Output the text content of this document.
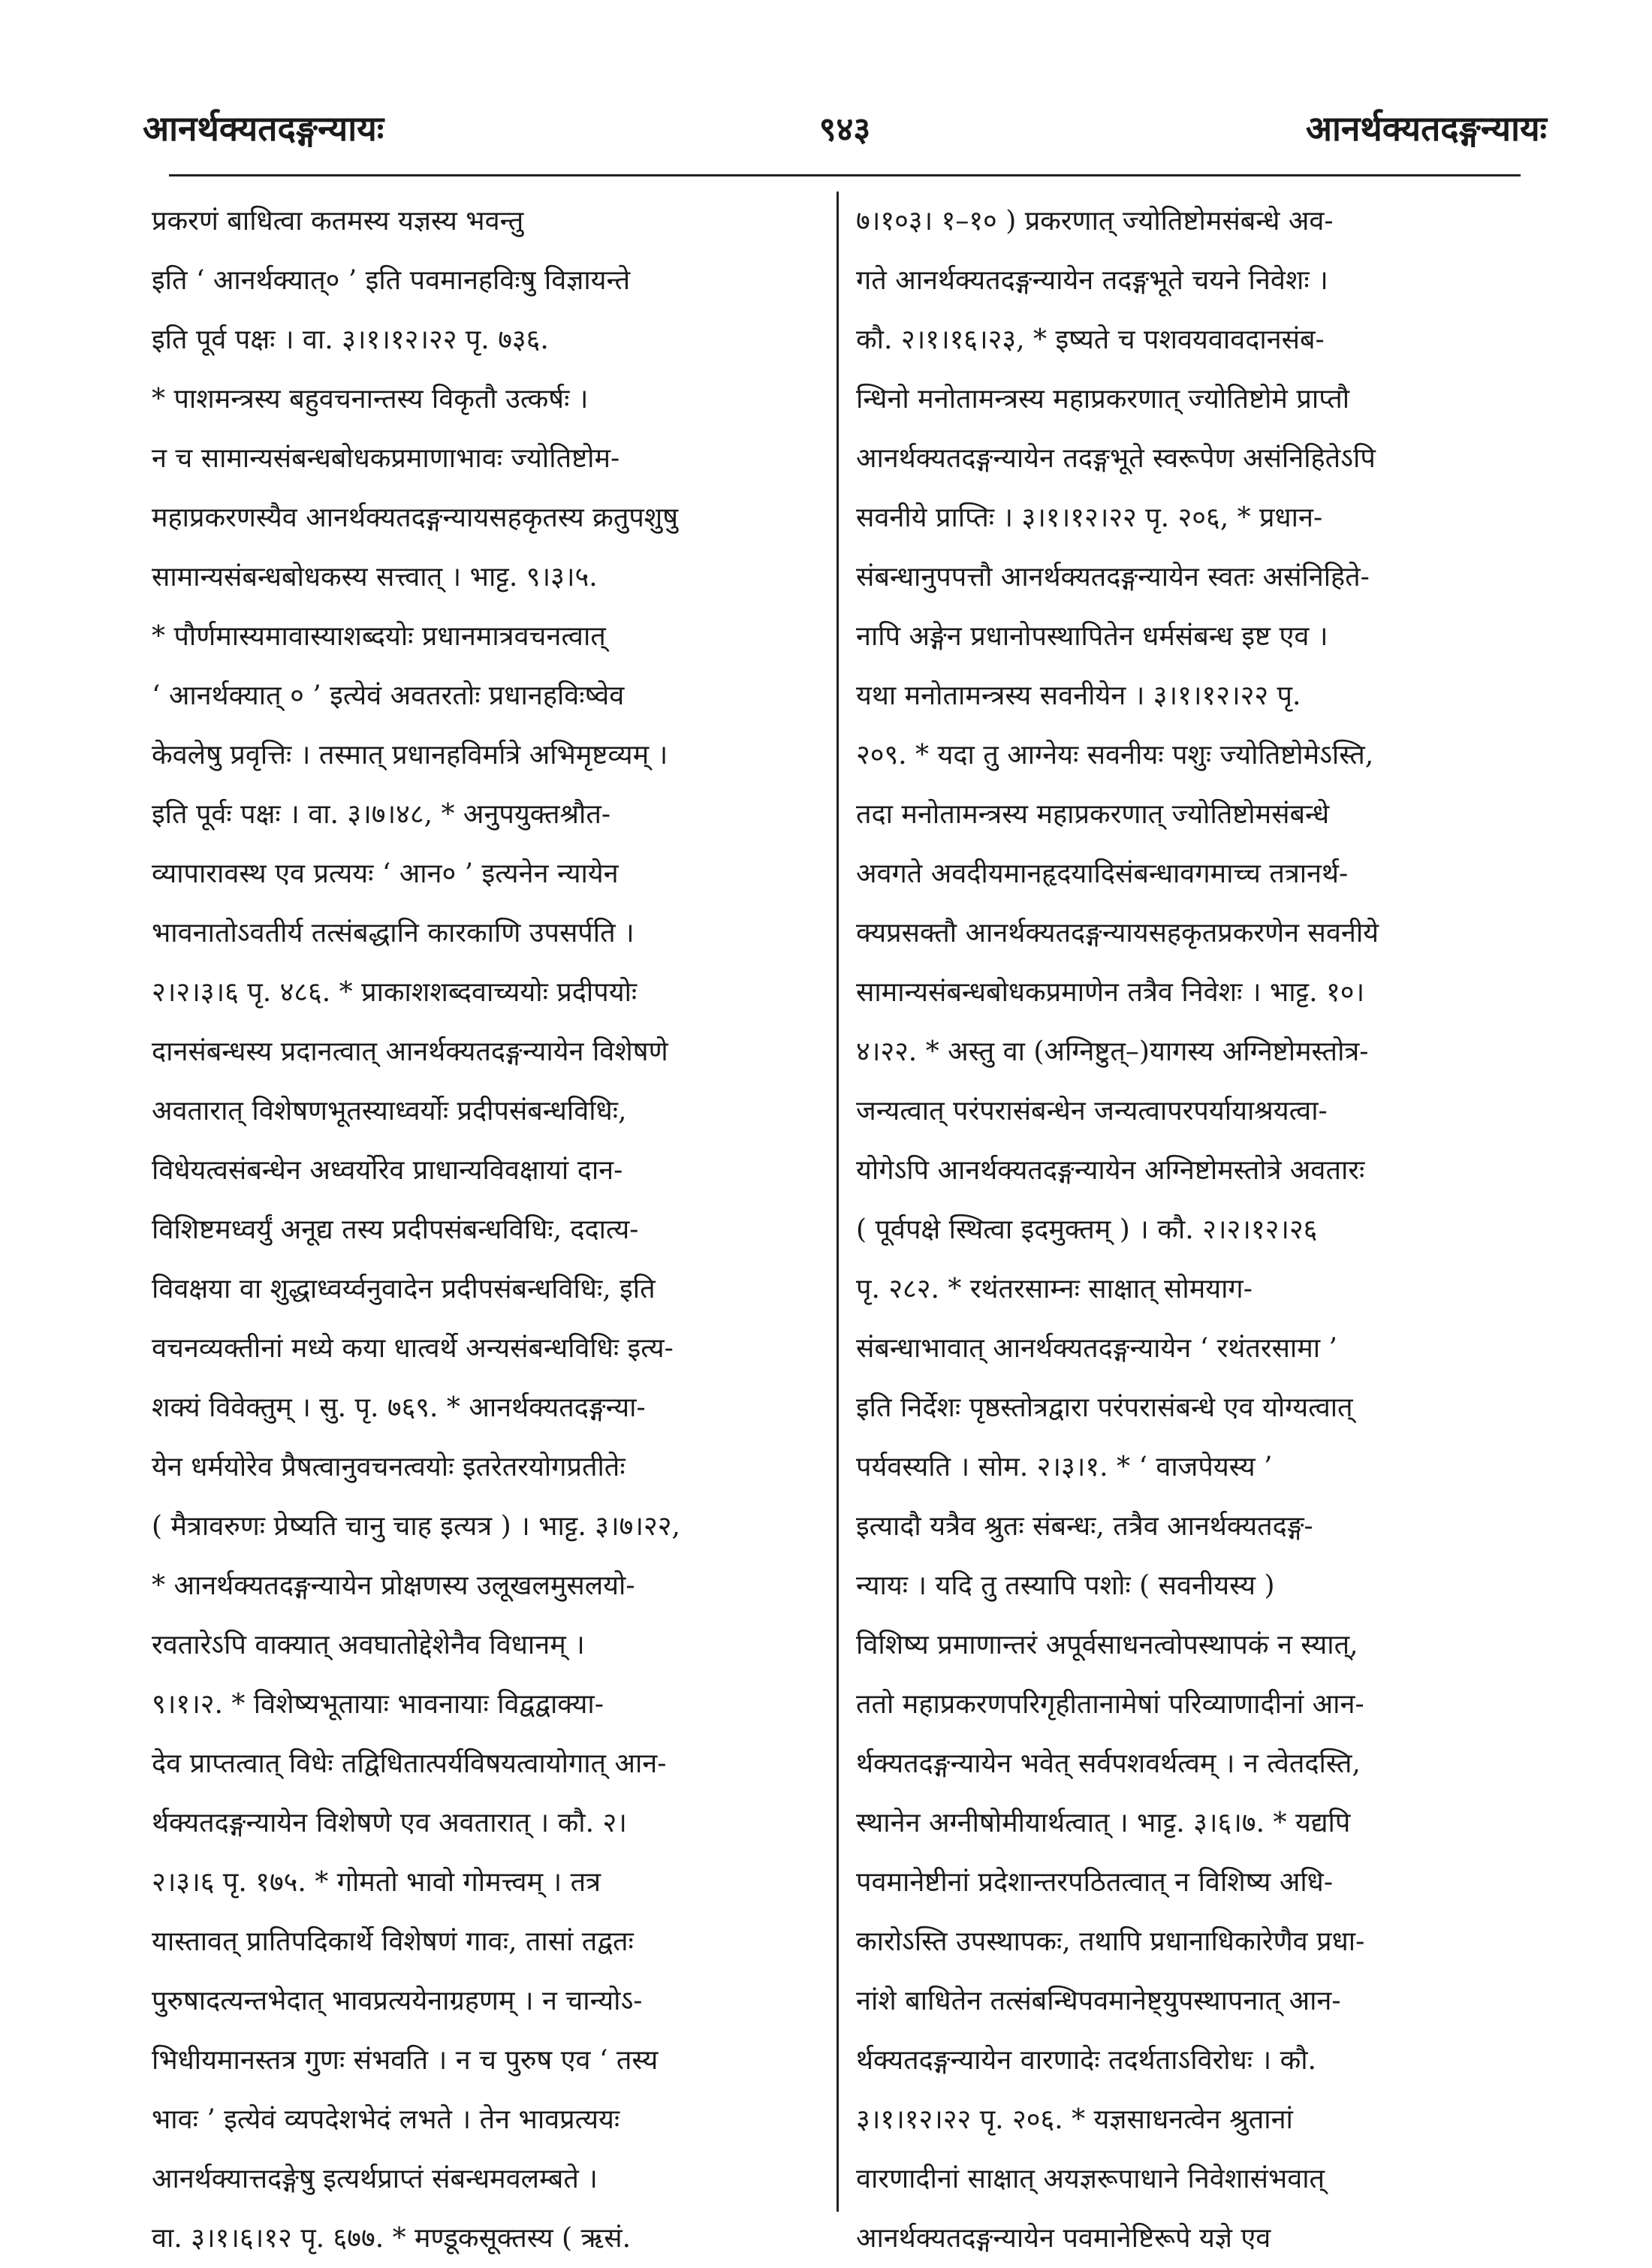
आनर्थक्यतदङ्गन्यायः	९४३	आनर्थक्यतदङ्गन्यायः
प्रकरणं बाधित्वा कतमस्य यज्ञस्य भवन्तु
इति ‘ आनर्थक्यात्० ’ इति पवमानहविःषु विज्ञायन्ते
इति पूर्व पक्षः । वा. ३।१।१२।२२ पृ. ७३६.
* पाशमन्त्रस्य बहुवचनान्तस्य विकृतौ उत्कर्षः ।
न च सामान्यसंबन्धबोधकप्रमाणाभावः ज्योतिष्टोम-
महाप्रकरणस्यैव आनर्थक्यतदङ्गन्यायसहकृतस्य क्रतुपशुषु
सामान्यसंबन्धबोधकस्य सत्त्वात् । भाट्ट. ९।३।५.
* पौर्णमास्यमावास्याशब्दयोः प्रधानमात्रवचनत्वात्
‘ आनर्थक्यात् ० ’ इत्येवं अवतरतोः प्रधानहविःष्वेव
केवलेषु प्रवृत्तिः । तस्मात् प्रधानहविर्मात्रे अभिमृष्टव्यम् ।
इति पूर्वः पक्षः । वा. ३।७।४८, * अनुपयुक्तश्रौत-
व्यापारावस्थ एव प्रत्ययः ‘ आन० ’ इत्यनेन न्यायेन
भावनातोऽवतीर्य तत्संबद्धानि कारकाणि उपसर्पति ।
२।२।३।६ पृ. ४८६. * प्राकाशशब्दवाच्ययोः प्रदीपयोः
दानसंबन्धस्य प्रदानत्वात् आनर्थक्यतदङ्गन्यायेन विशेषणे
अवतारात् विशेषणभूतस्याध्वर्योः प्रदीपसंबन्धविधिः,
विधेयत्वसंबन्धेन अध्वर्योरेव प्राधान्यविवक्षायां दान-
विशिष्टमध्वर्युं अनूद्य तस्य प्रदीपसंबन्धविधिः, ददात्य-
विवक्षया वा शुद्धाध्वर्य्वनुवादेन प्रदीपसंबन्धविधिः, इति
वचनव्यक्तीनां मध्ये कया धात्वर्थे अन्यसंबन्धविधिः इत्य-
शक्यं विवेक्तुम् । सु. पृ. ७६९. * आनर्थक्यतदङ्गन्या-
येन धर्मयोरेव प्रैषत्वानुवचनत्वयोः इतरेतरयोगप्रतीतेः
( मैत्रावरुणः प्रेष्यति चानु चाह इत्यत्र ) । भाट्ट. ३।७।२२,
* आनर्थक्यतदङ्गन्यायेन प्रोक्षणस्य उलूखलमुसलयो-
रवतारेऽपि वाक्यात् अवघातोद्देशेनैव विधानम् ।
९।१।२. * विशेष्यभूतायाः भावनायाः विद्वद्वाक्या-
देव प्राप्तत्वात् विधेः तद्विधितात्पर्यविषयत्वायोगात् आन-
र्थक्यतदङ्गन्यायेन विशेषणे एव अवतारात् । कौ. २।
२।३।६ पृ. १७५. * गोमतो भावो गोमत्त्वम् । तत्र
यास्तावत् प्रातिपदिकार्थे विशेषणं गावः, तासां तद्वतः
पुरुषादत्यन्तभेदात् भावप्रत्ययेनाग्रहणम् । न चान्योऽ-
भिधीयमानस्तत्र गुणः संभवति । न च पुरुष एव ‘ तस्य
भावः ’ इत्येवं व्यपदेशभेदं लभते । तेन भावप्रत्ययः
आनर्थक्यात्तदङ्गेषु इत्यर्थप्राप्तं संबन्धमवलम्बते ।
वा. ३।१।६।१२ पृ. ६७७. * मण्डूकसूक्तस्य ( ऋसं.
७।१०३। १–१० ) प्रकरणात् ज्योतिष्टोमसंबन्धे अव-
गते आनर्थक्यतदङ्गन्यायेन तदङ्गभूते चयने निवेशः ।
कौ. २।१।१६।२३, * इष्यते च पशवयवावदानसंब-
न्धिनो मनोतामन्त्रस्य महाप्रकरणात् ज्योतिष्टोमे प्राप्तौ
आनर्थक्यतदङ्गन्यायेन तदङ्गभूते स्वरूपेण असंनिहितेऽपि
सवनीये प्राप्तिः । ३।१।१२।२२ पृ. २०६, * प्रधान-
संबन्धानुपपत्तौ आनर्थक्यतदङ्गन्यायेन स्वतः असंनिहिते-
नापि अङ्गेन प्रधानोपस्थापितेन धर्मसंबन्ध इष्ट एव ।
यथा मनोतामन्त्रस्य सवनीयेन । ३।१।१२।२२ पृ.
२०९. * यदा तु आग्नेयः सवनीयः पशुः ज्योतिष्टोमेऽस्ति,
तदा मनोतामन्त्रस्य महाप्रकरणात् ज्योतिष्टोमसंबन्धे
अवगते अवदीयमानहृदयादिसंबन्धावगमाच्च तत्रानर्थ-
क्यप्रसक्तौ आनर्थक्यतदङ्गन्यायसहकृतप्रकरणेन सवनीये
सामान्यसंबन्धबोधकप्रमाणेन तत्रैव निवेशः । भाट्ट. १०।
४।२२. * अस्तु वा (अग्निष्टुत्–)यागस्य अग्निष्टोमस्तोत्र-
जन्यत्वात् परंपरासंबन्धेन जन्यत्वापरपर्यायाश्रयत्वा-
योगेऽपि आनर्थक्यतदङ्गन्यायेन अग्निष्टोमस्तोत्रे अवतारः
( पूर्वपक्षे स्थित्वा इदमुक्तम् ) । कौ. २।२।१२।२६
पृ. २८२. * रथंतरसाम्नः साक्षात् सोमयाग-
संबन्धाभावात् आनर्थक्यतदङ्गन्यायेन ‘ रथंतरसामा ’
इति निर्देशः पृष्ठस्तोत्रद्वारा परंपरासंबन्धे एव योग्यत्वात्
पर्यवस्यति । सोम. २।३।१. * ‘ वाजपेयस्य ’
इत्यादौ यत्रैव श्रुतः संबन्धः, तत्रैव आनर्थक्यतदङ्ग-
न्यायः । यदि तु तस्यापि पशोः ( सवनीयस्य )
विशिष्य प्रमाणान्तरं अपूर्वसाधनत्वोपस्थापकं न स्यात्,
ततो महाप्रकरणपरिगृहीतानामेषां परिव्याणादीनां आन-
र्थक्यतदङ्गन्यायेन भवेत् सर्वपशवर्थत्वम् । न त्वेतदस्ति,
स्थानेन अग्नीषोमीयार्थत्वात् । भाट्ट. ३।६।७. * यद्यपि
पवमानेष्टीनां प्रदेशान्तरपठितत्वात् न विशिष्य अधि-
कारोऽस्ति उपस्थापकः, तथापि प्रधानाधिकारेणैव प्रधा-
नांशे बाधितेन तत्संबन्धिपवमानेष्ट्युपस्थापनात् आन-
र्थक्यतदङ्गन्यायेन वारणादेः तदर्थताऽविरोधः । कौ.
३।१।१२।२२ पृ. २०६. * यज्ञसाधनत्वेन श्रुतानां
वारणादीनां साक्षात् अयज्ञरूपाधाने निवेशासंभवात्
आनर्थक्यतदङ्गन्यायेन पवमानेष्टिरूपे यज्ञे एव
